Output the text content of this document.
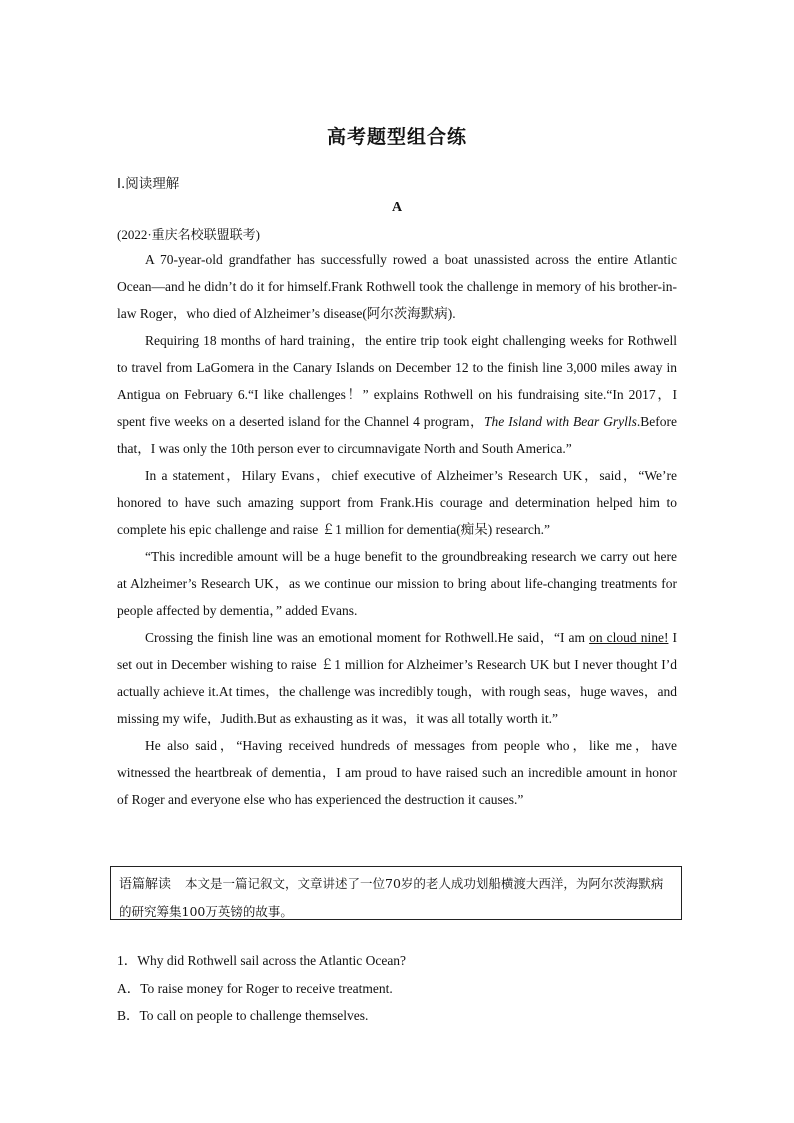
高考题型组合练
Ⅰ.阅读理解
A
(2022·重庆名校联盟联考)

A 70-year-old grandfather has successfully rowed a boat unassisted across the entire Atlantic Ocean—and he didn’t do it for himself.Frank Rothwell took the challenge in memory of his brother-in-law Roger，who died of Alzheimer’s disease(阿尔茨海默病).

Requiring 18 months of hard training，the entire trip took eight challenging weeks for Rothwell to travel from LaGomera in the Canary Islands on December 12 to the finish line 3,000 miles away in Antigua on February 6.“I like challenges！” explains Rothwell on his fundraising site.“In 2017，I spent five weeks on a deserted island for the Channel 4 program，The Island with Bear Grylls.Before that，I was only the 10th person ever to circumnavigate North and South America.”

In a statement，Hilary Evans，chief executive of Alzheimer’s Research UK，said，“We’re honored to have such amazing support from Frank.His courage and determination helped him to complete his epic challenge and raise ￡1 million for dementia(痴呆) research.”

“This incredible amount will be a huge benefit to the groundbreaking research we carry out here at Alzheimer’s Research UK，as we continue our mission to bring about life-changing treatments for people affected by dementia，” added Evans.

Crossing the finish line was an emotional moment for Rothwell.He said，“I am on cloud nine! I set out in December wishing to raise ￡1 million for Alzheimer’s Research UK but I never thought I’d actually achieve it.At times，the challenge was incredibly tough，with rough seas，huge waves，and missing my wife，Judith.But as exhausting as it was，it was all totally worth it.”

He also said，“Having received hundreds of messages from people who，like me，have witnessed the heartbreak of dementia，I am proud to have raised such an incredible amount in honor of Roger and everyone else who has experienced the destruction it causes.”

语篇解读 本文是一篇记叙文，文章讲述了一位70岁的老人成功划船横渡大西洋，为阿尔茨海默病的研究筹集100万英镑的故事。
1．Why did Rothwell sail across the Atlantic Ocean?
A．To raise money for Roger to receive treatment.
B．To call on people to challenge themselves.
